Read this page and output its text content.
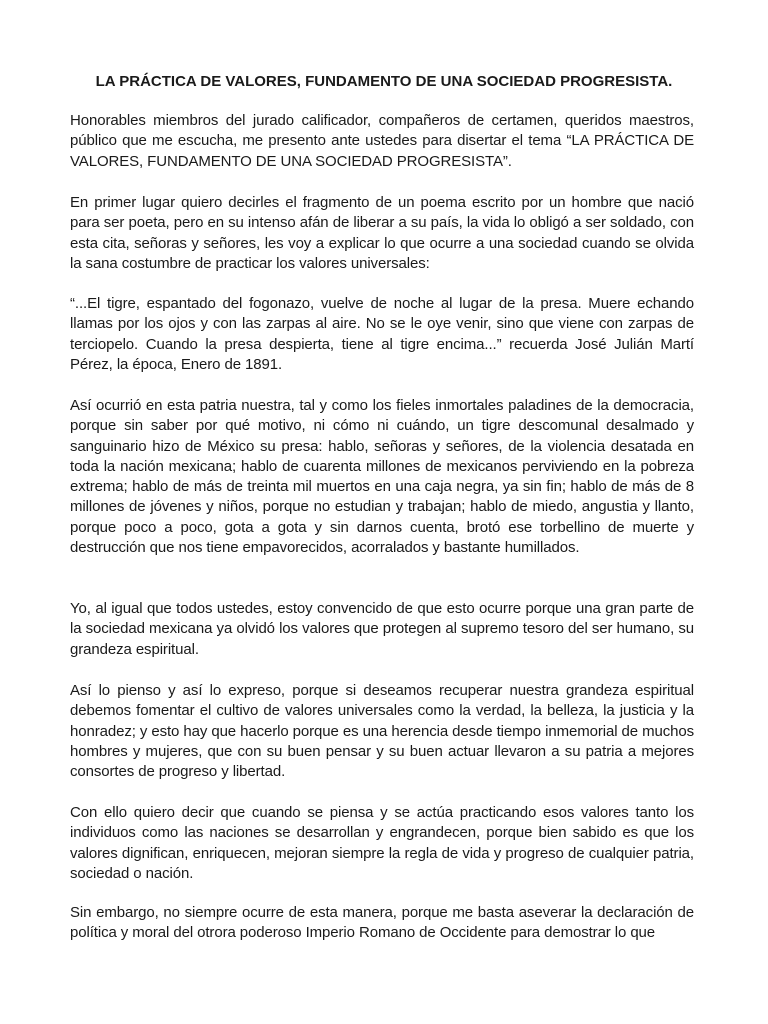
LA PRÁCTICA DE VALORES, FUNDAMENTO DE UNA SOCIEDAD PROGRESISTA.

Honorables miembros del jurado calificador, compañeros de certamen, queridos maestros, público que me escucha, me presento ante ustedes para disertar el tema “LA PRÁCTICA DE VALORES, FUNDAMENTO DE UNA SOCIEDAD PROGRESISTA”.

En primer lugar quiero decirles el fragmento de un poema escrito por un hombre que nació para ser poeta, pero en su intenso afán de liberar a su país, la vida lo obligó a ser soldado, con esta cita, señoras y señores, les voy a explicar lo que ocurre a una sociedad cuando se olvida la sana costumbre de practicar los valores universales:

“...El tigre, espantado del fogonazo, vuelve de noche al lugar de la presa. Muere echando llamas por los ojos y con las zarpas al aire. No se le oye venir, sino que viene con zarpas de terciopelo. Cuando la presa despierta, tiene al tigre encima...” recuerda José Julián Martí Pérez, la época, Enero de 1891.

Así ocurrió en esta patria nuestra, tal y como los fieles inmortales paladines de la democracia, porque sin saber por qué motivo, ni cómo ni cuándo, un tigre descomunal desalmado y sanguinario hizo de México su presa: hablo, señoras y señores, de la violencia desatada en toda la nación mexicana; hablo de cuarenta millones de mexicanos perviviendo en la pobreza extrema; hablo de más de treinta mil muertos en una caja negra, ya sin fin; hablo de más de 8 millones de jóvenes y niños, porque no estudian y trabajan; hablo de miedo, angustia y llanto, porque poco a poco, gota a gota y sin darnos cuenta, brotó ese torbellino de muerte y destrucción que nos tiene empavorecidos, acorralados y bastante humillados.

Yo, al igual que todos ustedes, estoy convencido de que esto ocurre porque una gran parte de la sociedad mexicana ya olvidó los valores que protegen al supremo tesoro del ser humano, su grandeza espiritual.

Así lo pienso y así lo expreso, porque si deseamos recuperar nuestra grandeza espiritual debemos fomentar el cultivo de valores universales como la verdad, la belleza, la justicia y la honradez; y esto hay que hacerlo porque es una herencia desde tiempo inmemorial de muchos hombres y mujeres, que con su buen pensar y su buen actuar llevaron a su patria a mejores consortes de progreso y libertad.

Con ello quiero decir que cuando se piensa y se actúa practicando esos valores tanto los individuos como las naciones se desarrollan y engrandecen, porque bien sabido es que los valores dignifican, enriquecen, mejoran siempre la regla de vida y progreso de cualquier patria, sociedad o nación.

Sin embargo, no siempre ocurre de esta manera, porque me basta aseverar la declaración de política y moral del otrora poderoso Imperio Romano de Occidente para demostrar lo que
